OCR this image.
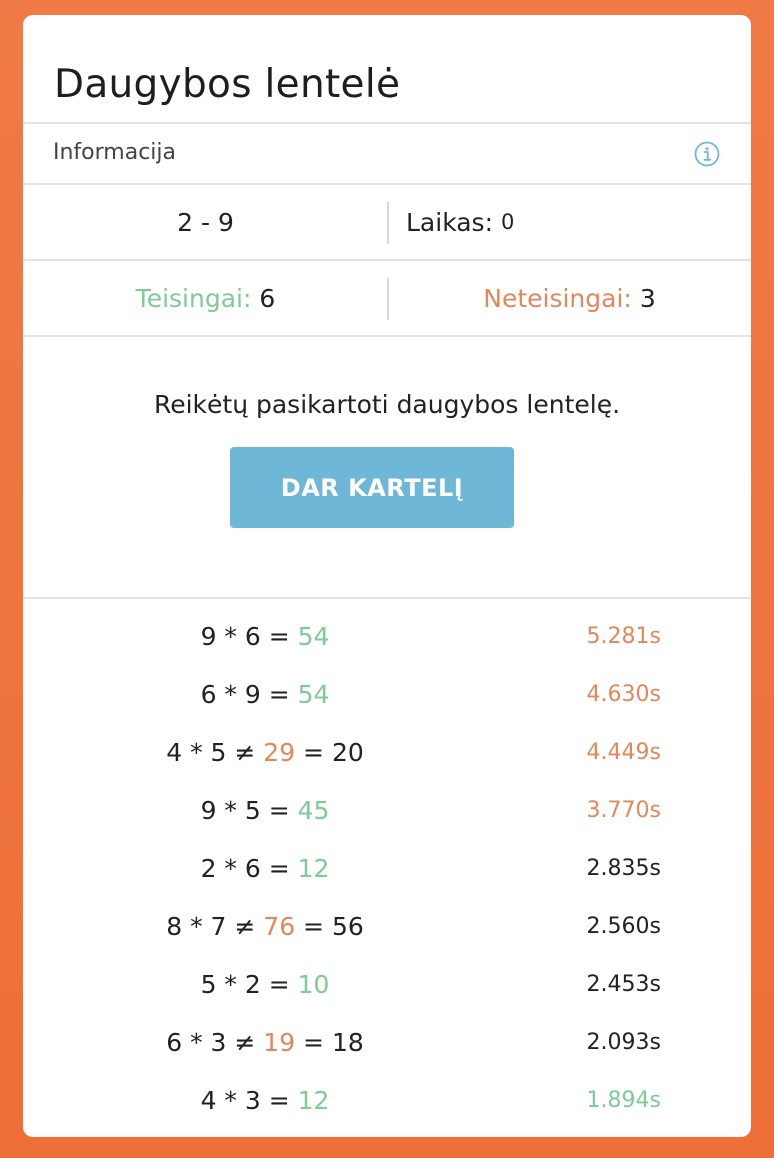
Daugybos lentelė
Informacija
2 - 9	Laikas: 0
Teisingai: 6	Neteisingai: 3
Reikėtų pasikartoti daugybos lentelę.
DAR KARTELĮ
9 * 6 = 54	5.281s
6 * 9 = 54	4.630s
4 * 5 ≠ 29 = 20	4.449s
9 * 5 = 45	3.770s
2 * 6 = 12	2.835s
8 * 7 ≠ 76 = 56	2.560s
5 * 2 = 10	2.453s
6 * 3 ≠ 19 = 18	2.093s
4 * 3 = 12	1.894s
